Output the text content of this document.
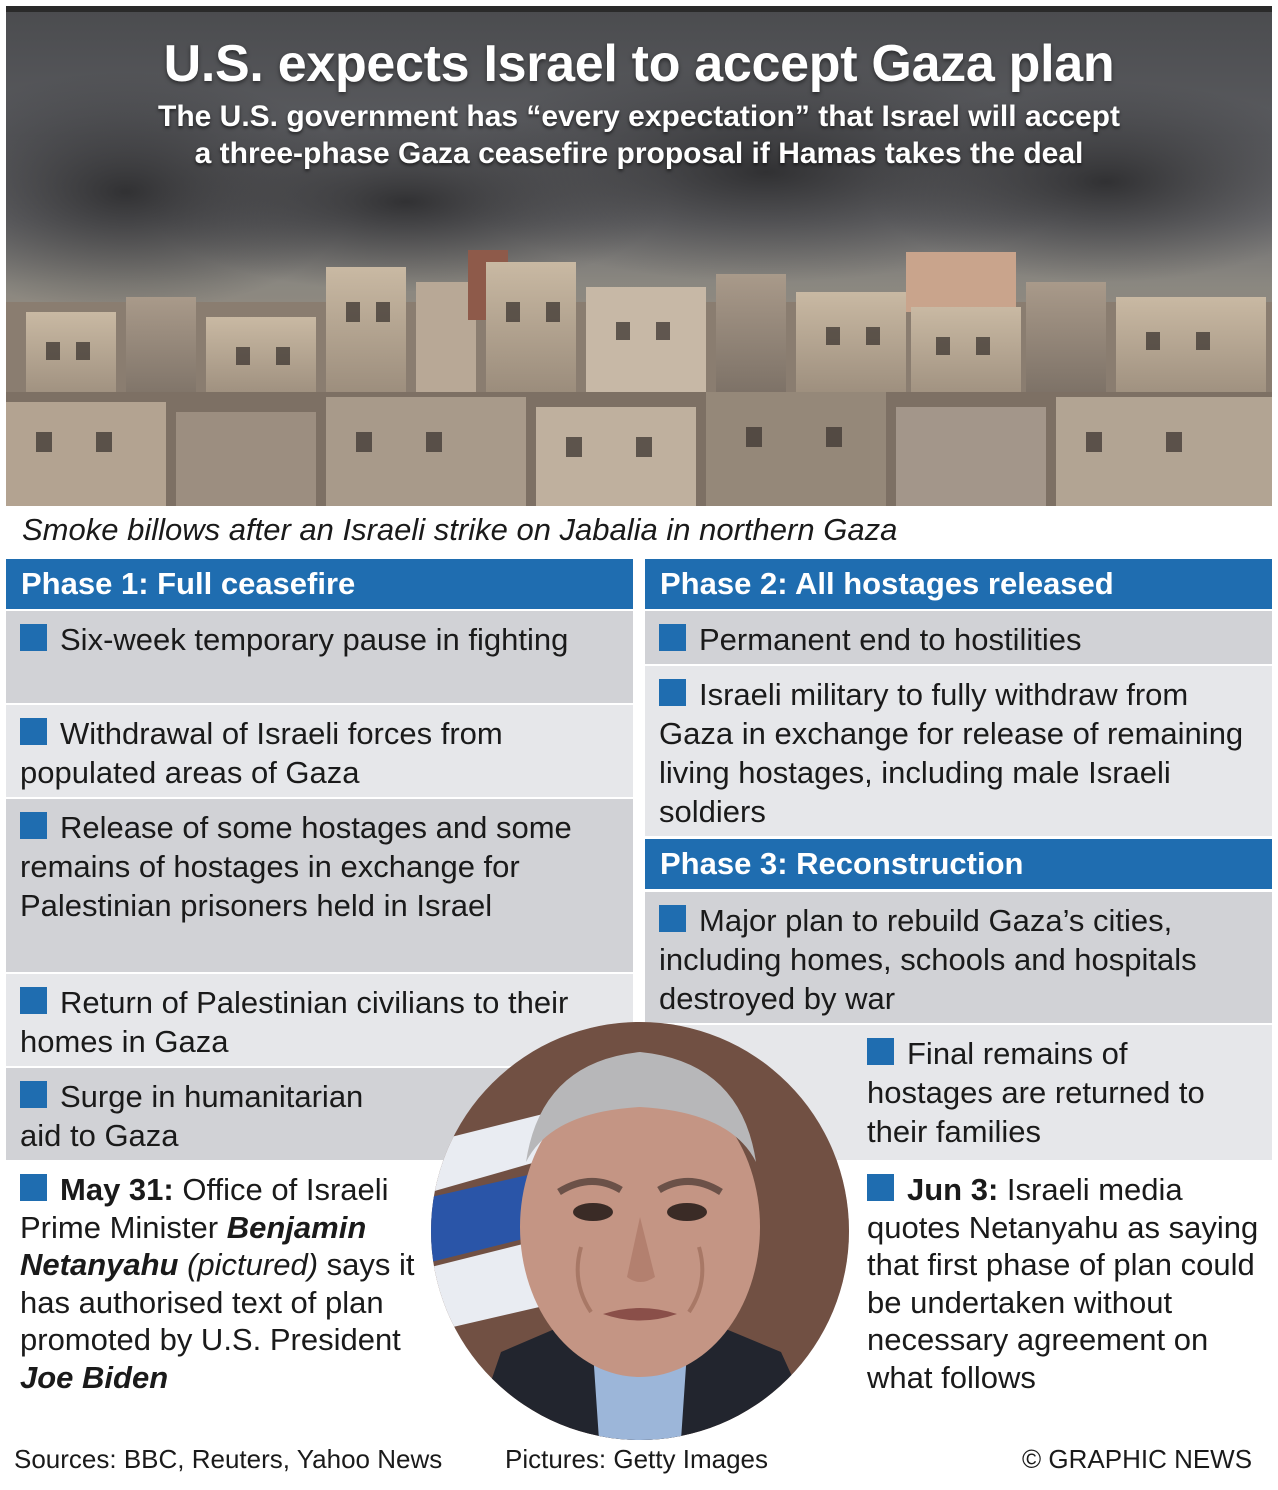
U.S. expects Israel to accept Gaza plan
The U.S. government has “every expectation” that Israel will accept
a three-phase Gaza ceasefire proposal if Hamas takes the deal
Smoke billows after an Israeli strike on Jabalia in northern Gaza
Phase 1: Full ceasefire
Six-week temporary pause in fighting
Withdrawal of Israeli forces from populated areas of Gaza
Release of some hostages and some remains of hostages in exchange for Palestinian prisoners held in Israel
Return of Palestinian civilians to their homes in Gaza
Surge in humanitarian aid to Gaza
Phase 2: All hostages released
Permanent end to hostilities
Israeli military to fully withdraw from Gaza in exchange for release of remaining living hostages, including male Israeli soldiers
Phase 3: Reconstruction
Major plan to rebuild Gaza’s cities, including homes, schools and hospitals destroyed by war
Final remains of hostages are returned to their families
May 31: Office of Israeli Prime Minister Benjamin Netanyahu (pictured) says it has authorised text of plan promoted by U.S. President Joe Biden
Jun 3: Israeli media quotes Netanyahu as saying that first phase of plan could be undertaken without necessary agreement on what follows
Sources: BBC, Reuters, Yahoo News Pictures: Getty Images	© GRAPHIC NEWS
